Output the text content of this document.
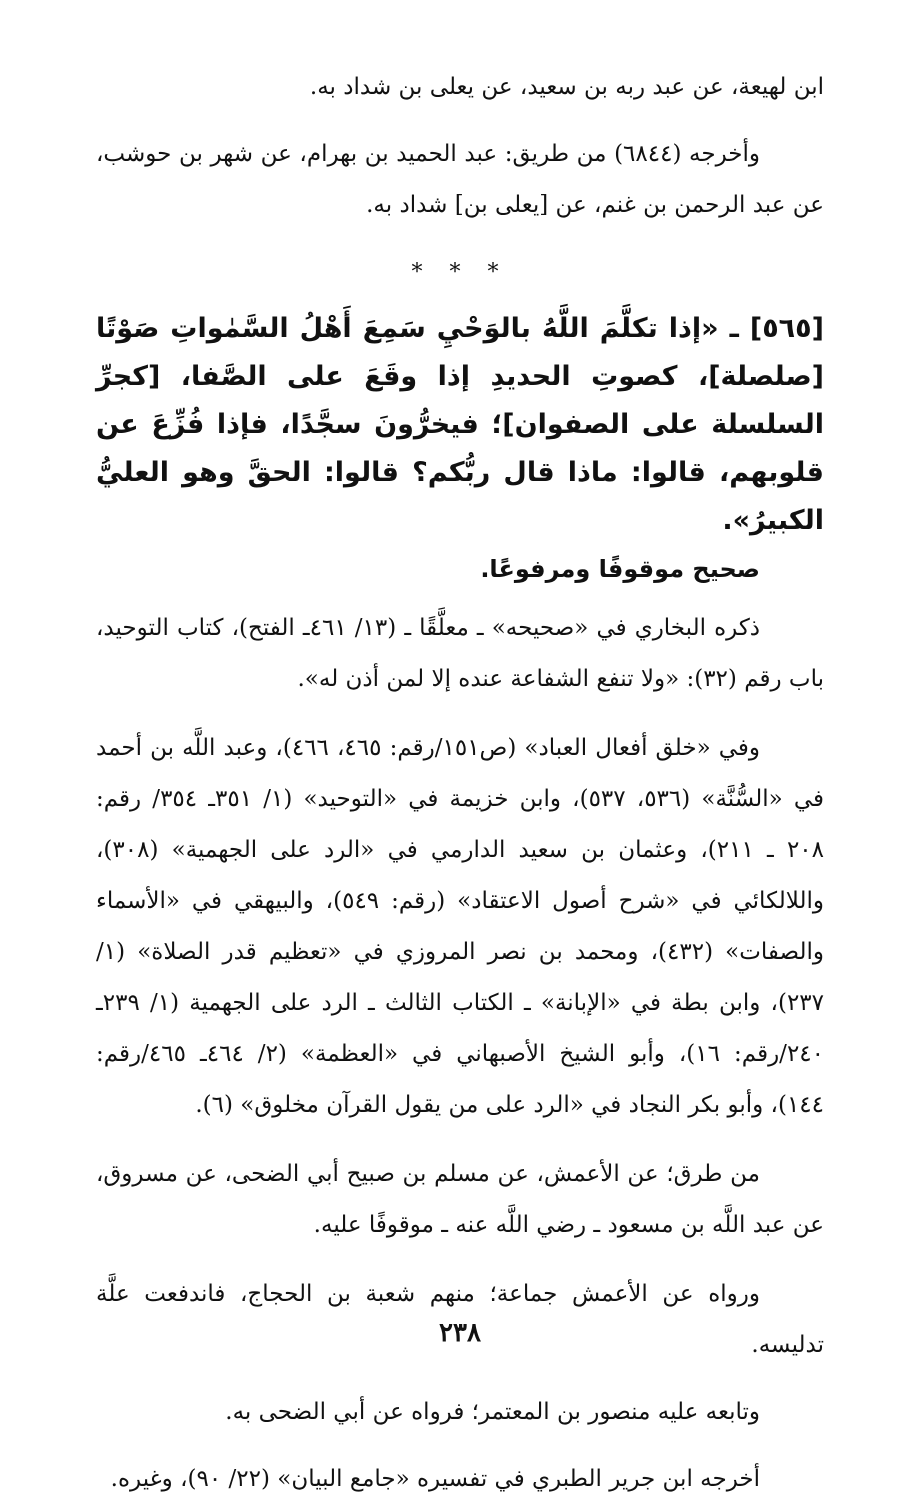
ابن لهيعة، عن عبد ربه بن سعيد، عن يعلى بن شداد به.

وأخرجه (٦٨٤٤) من طريق: عبد الحميد بن بهرام، عن شهر بن حوشب، عن عبد الرحمن بن غنم، عن [يعلى بن] شداد به.

* * *

[٥٦٥] ـ «إذا تكلَّمَ اللَّهُ بالوَحْيِ سَمِعَ أَهْلُ السَّمٰواتِ صَوْتًا [صلصلة]، كصوتِ الحديدِ إذا وقَعَ على الصَّفا، [كجرِّ السلسلة على الصفوان]؛ فيخرُّونَ سجَّدًا، فإذا فُزِّعَ عن قلوبهم، قالوا: ماذا قال ربُّكم؟ قالوا: الحقَّ وهو العليُّ الكبيرُ».

صحيح موقوفًا ومرفوعًا.

ذكره البخاري في «صحيحه» ـ معلَّقًا ـ (١٣/ ٤٦١ـ الفتح)، كتاب التوحيد، باب رقم (٣٢): «ولا تنفع الشفاعة عنده إلا لمن أذن له».

وفي «خلق أفعال العباد» (ص١٥١/رقم: ٤٦٥، ٤٦٦)، وعبد اللَّه بن أحمد في «السُّنَّة» (٥٣٦، ٥٣٧)، وابن خزيمة في «التوحيد» (١/ ٣٥١ـ ٣٥٤/ رقم: ٢٠٨ ـ ٢١١)، وعثمان بن سعيد الدارمي في «الرد على الجهمية» (٣٠٨)، واللالكائي في «شرح أصول الاعتقاد» (رقم: ٥٤٩)، والبيهقي في «الأسماء والصفات» (٤٣٢)، ومحمد بن نصر المروزي في «تعظيم قدر الصلاة» (١/ ٢٣٧)، وابن بطة في «الإبانة» ـ الكتاب الثالث ـ الرد على الجهمية (١/ ٢٣٩ـ ٢٤٠/رقم: ١٦)، وأبو الشيخ الأصبهاني في «العظمة» (٢/ ٤٦٤ـ ٤٦٥/رقم: ١٤٤)، وأبو بكر النجاد في «الرد على من يقول القرآن مخلوق» (٦).

من طرق؛ عن الأعمش، عن مسلم بن صبيح أبي الضحى، عن مسروق، عن عبد اللَّه بن مسعود ـ رضي اللَّه عنه ـ موقوفًا عليه.

ورواه عن الأعمش جماعة؛ منهم شعبة بن الحجاج، فاندفعت علَّة تدليسه.

وتابعه عليه منصور بن المعتمر؛ فرواه عن أبي الضحى به.

أخرجه ابن جرير الطبري في تفسيره «جامع البيان» (٢٢/ ٩٠)، وغيره.

٢٣٨
